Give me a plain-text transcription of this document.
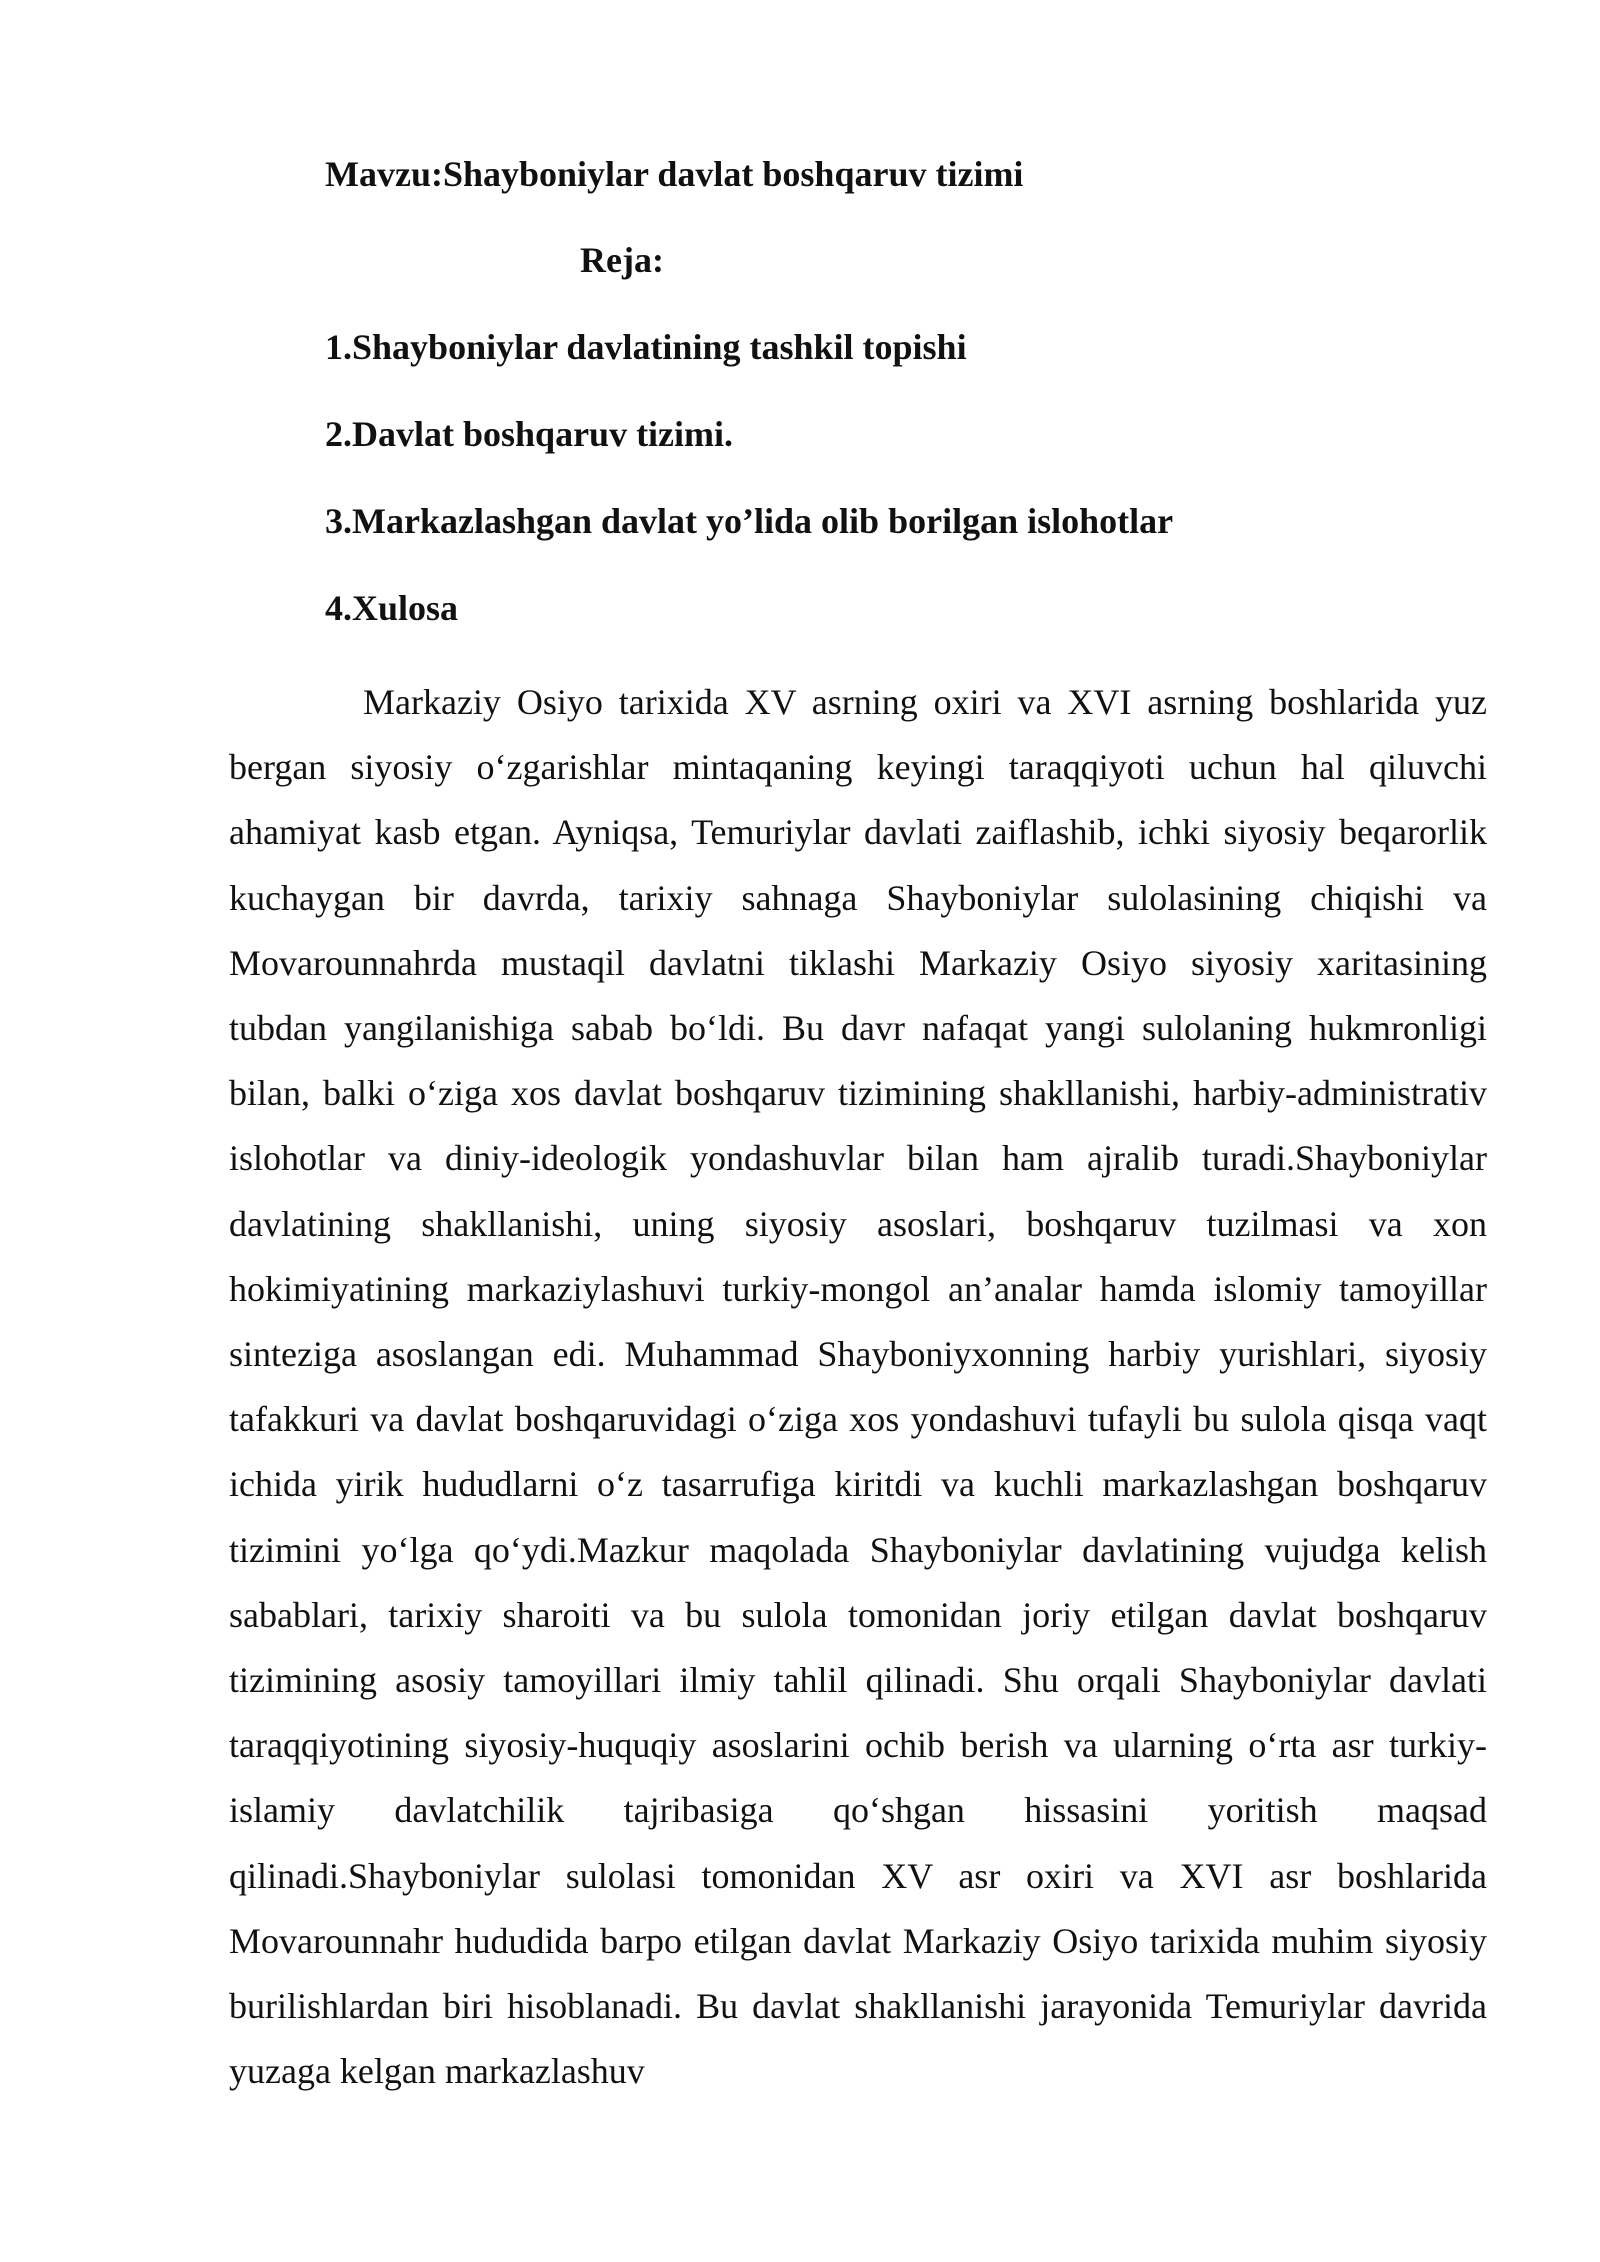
Mavzu:Shayboniylar davlat boshqaruv tizimi
Reja:
1.Shayboniylar davlatining tashkil topishi
2.Davlat boshqaruv tizimi.
3.Markazlashgan davlat yo’lida olib borilgan islohotlar
4.Xulosa

Markaziy Osiyo tarixida XV asrning oxiri va XVI asrning boshlarida yuz bergan siyosiy o‘zgarishlar mintaqaning keyingi taraqqiyoti uchun hal qiluvchi ahamiyat kasb etgan. Ayniqsa, Temuriylar davlati zaiflashib, ichki siyosiy beqarorlik kuchaygan bir davrda, tarixiy sahnaga Shayboniylar sulolasining chiqishi va Movarounnahrda mustaqil davlatni tiklashi Markaziy Osiyo siyosiy xaritasining tubdan yangilanishiga sabab bo‘ldi. Bu davr nafaqat yangi sulolaning hukmronligi bilan, balki o‘ziga xos davlat boshqaruv tizimining shakllanishi, harbiy-administrativ islohotlar va diniy-ideologik yondashuvlar bilan ham ajralib turadi.Shayboniylar davlatining shakllanishi, uning siyosiy asoslari, boshqaruv tuzilmasi va xon hokimiyatining markaziylashuvi turkiy-mongol an’analar hamda islomiy tamoyillar sinteziga asoslangan edi. Muhammad Shayboniyxonning harbiy yurishlari, siyosiy tafakkuri va davlat boshqaruvidagi o‘ziga xos yondashuvi tufayli bu sulola qisqa vaqt ichida yirik hududlarni o‘z tasarrufiga kiritdi va kuchli markazlashgan boshqaruv tizimini yo‘lga qo‘ydi.Mazkur maqolada Shayboniylar davlatining vujudga kelish sabablari, tarixiy sharoiti va bu sulola tomonidan joriy etilgan davlat boshqaruv tizimining asosiy tamoyillari ilmiy tahlil qilinadi. Shu orqali Shayboniylar davlati taraqqiyotining siyosiy-huquqiy asoslarini ochib berish va ularning o‘rta asr turkiy-islamiy davlatchilik tajribasiga qo‘shgan hissasini yoritish maqsad qilinadi.Shayboniylar sulolasi tomonidan XV asr oxiri va XVI asr boshlarida Movarounnahr hududida barpo etilgan davlat Markaziy Osiyo tarixida muhim siyosiy burilishlardan biri hisoblanadi. Bu davlat shakllanishi jarayonida Temuriylar davrida yuzaga kelgan markazlashuv
